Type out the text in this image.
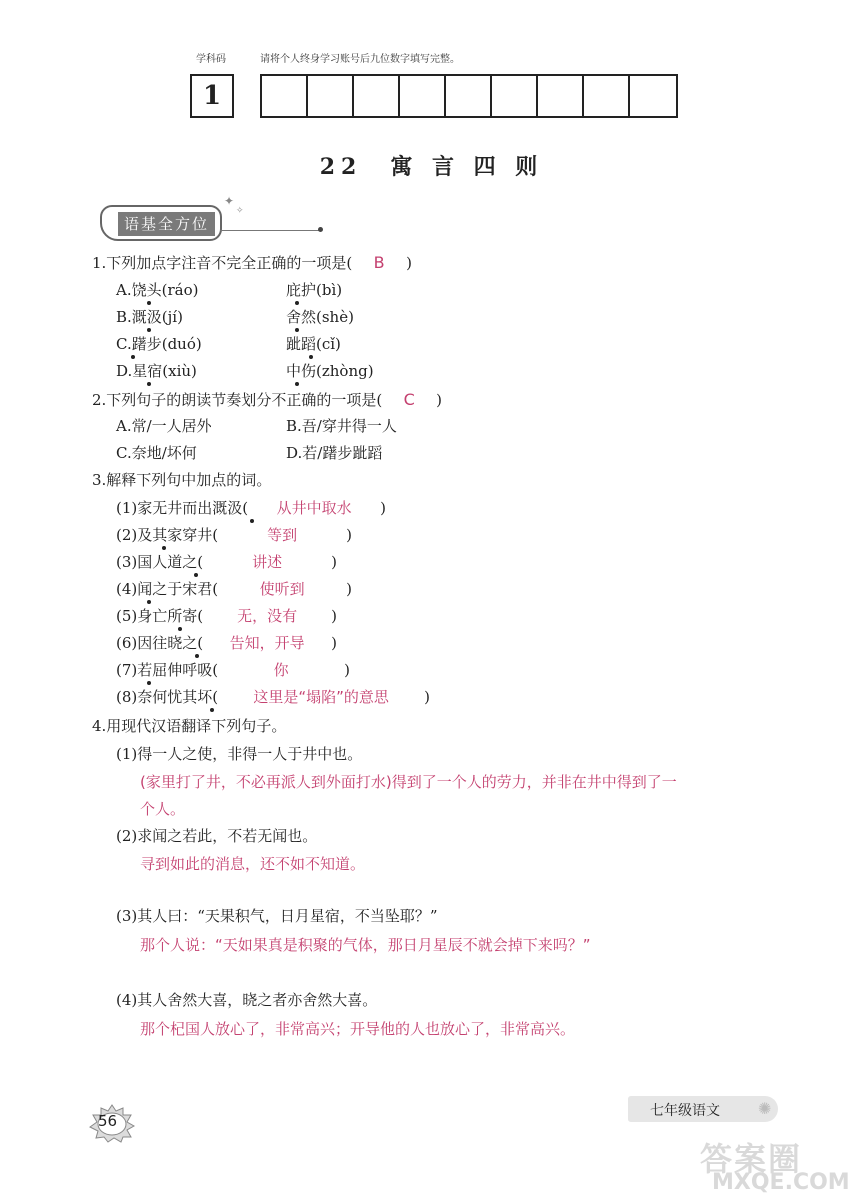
学科码	请将个人终身学习账号后九位数字填写完整。
1
22　寓 言 四 则
语基全方位
✦
✧
1.下列加点字注音不完全正确的一项是( B )
A.饶头(ráo)	庇护(bì)
B.溉汲(jí)	舍然(shè)
C.躇步(duó)	跐蹈(cǐ)
D.星宿(xiù)	中伤(zhòng)
2.下列句子的朗读节奏划分不正确的一项是( C )
A.常/一人居外	B.吾/穿井得一人
C.奈地/坏何	D.若/躇步跐蹈
3.解释下列句中加点的词。
(1)家无井而出溉汲( 从井中取水 )
(2)及其家穿井(	等到	)
(3)国人道之(	讲述	)
(4)闻之于宋君(	使听到	)
(5)身亡所寄( 无，没有 )
(6)因往晓之( 告知，开导 )
(7)若屈伸呼吸(	你	)
(8)奈何忧其坏( 这里是“塌陷”的意思 )
4.用现代汉语翻译下列句子。
(1)得一人之使，非得一人于井中也。
(家里打了井，不必再派人到外面打水)得到了一个人的劳力，并非在井中得到了一
个人。
(2)求闻之若此，不若无闻也。
寻到如此的消息，还不如不知道。
(3)其人曰：“天果积气，日月星宿，不当坠耶？”
那个人说：“天如果真是积聚的气体，那日月星辰不就会掉下来吗？”
(4)其人舍然大喜，晓之者亦舍然大喜。
那个杞国人放心了，非常高兴；开导他的人也放心了，非常高兴。
56
七年级语文 ✺
答案圈
MXQE.COM
